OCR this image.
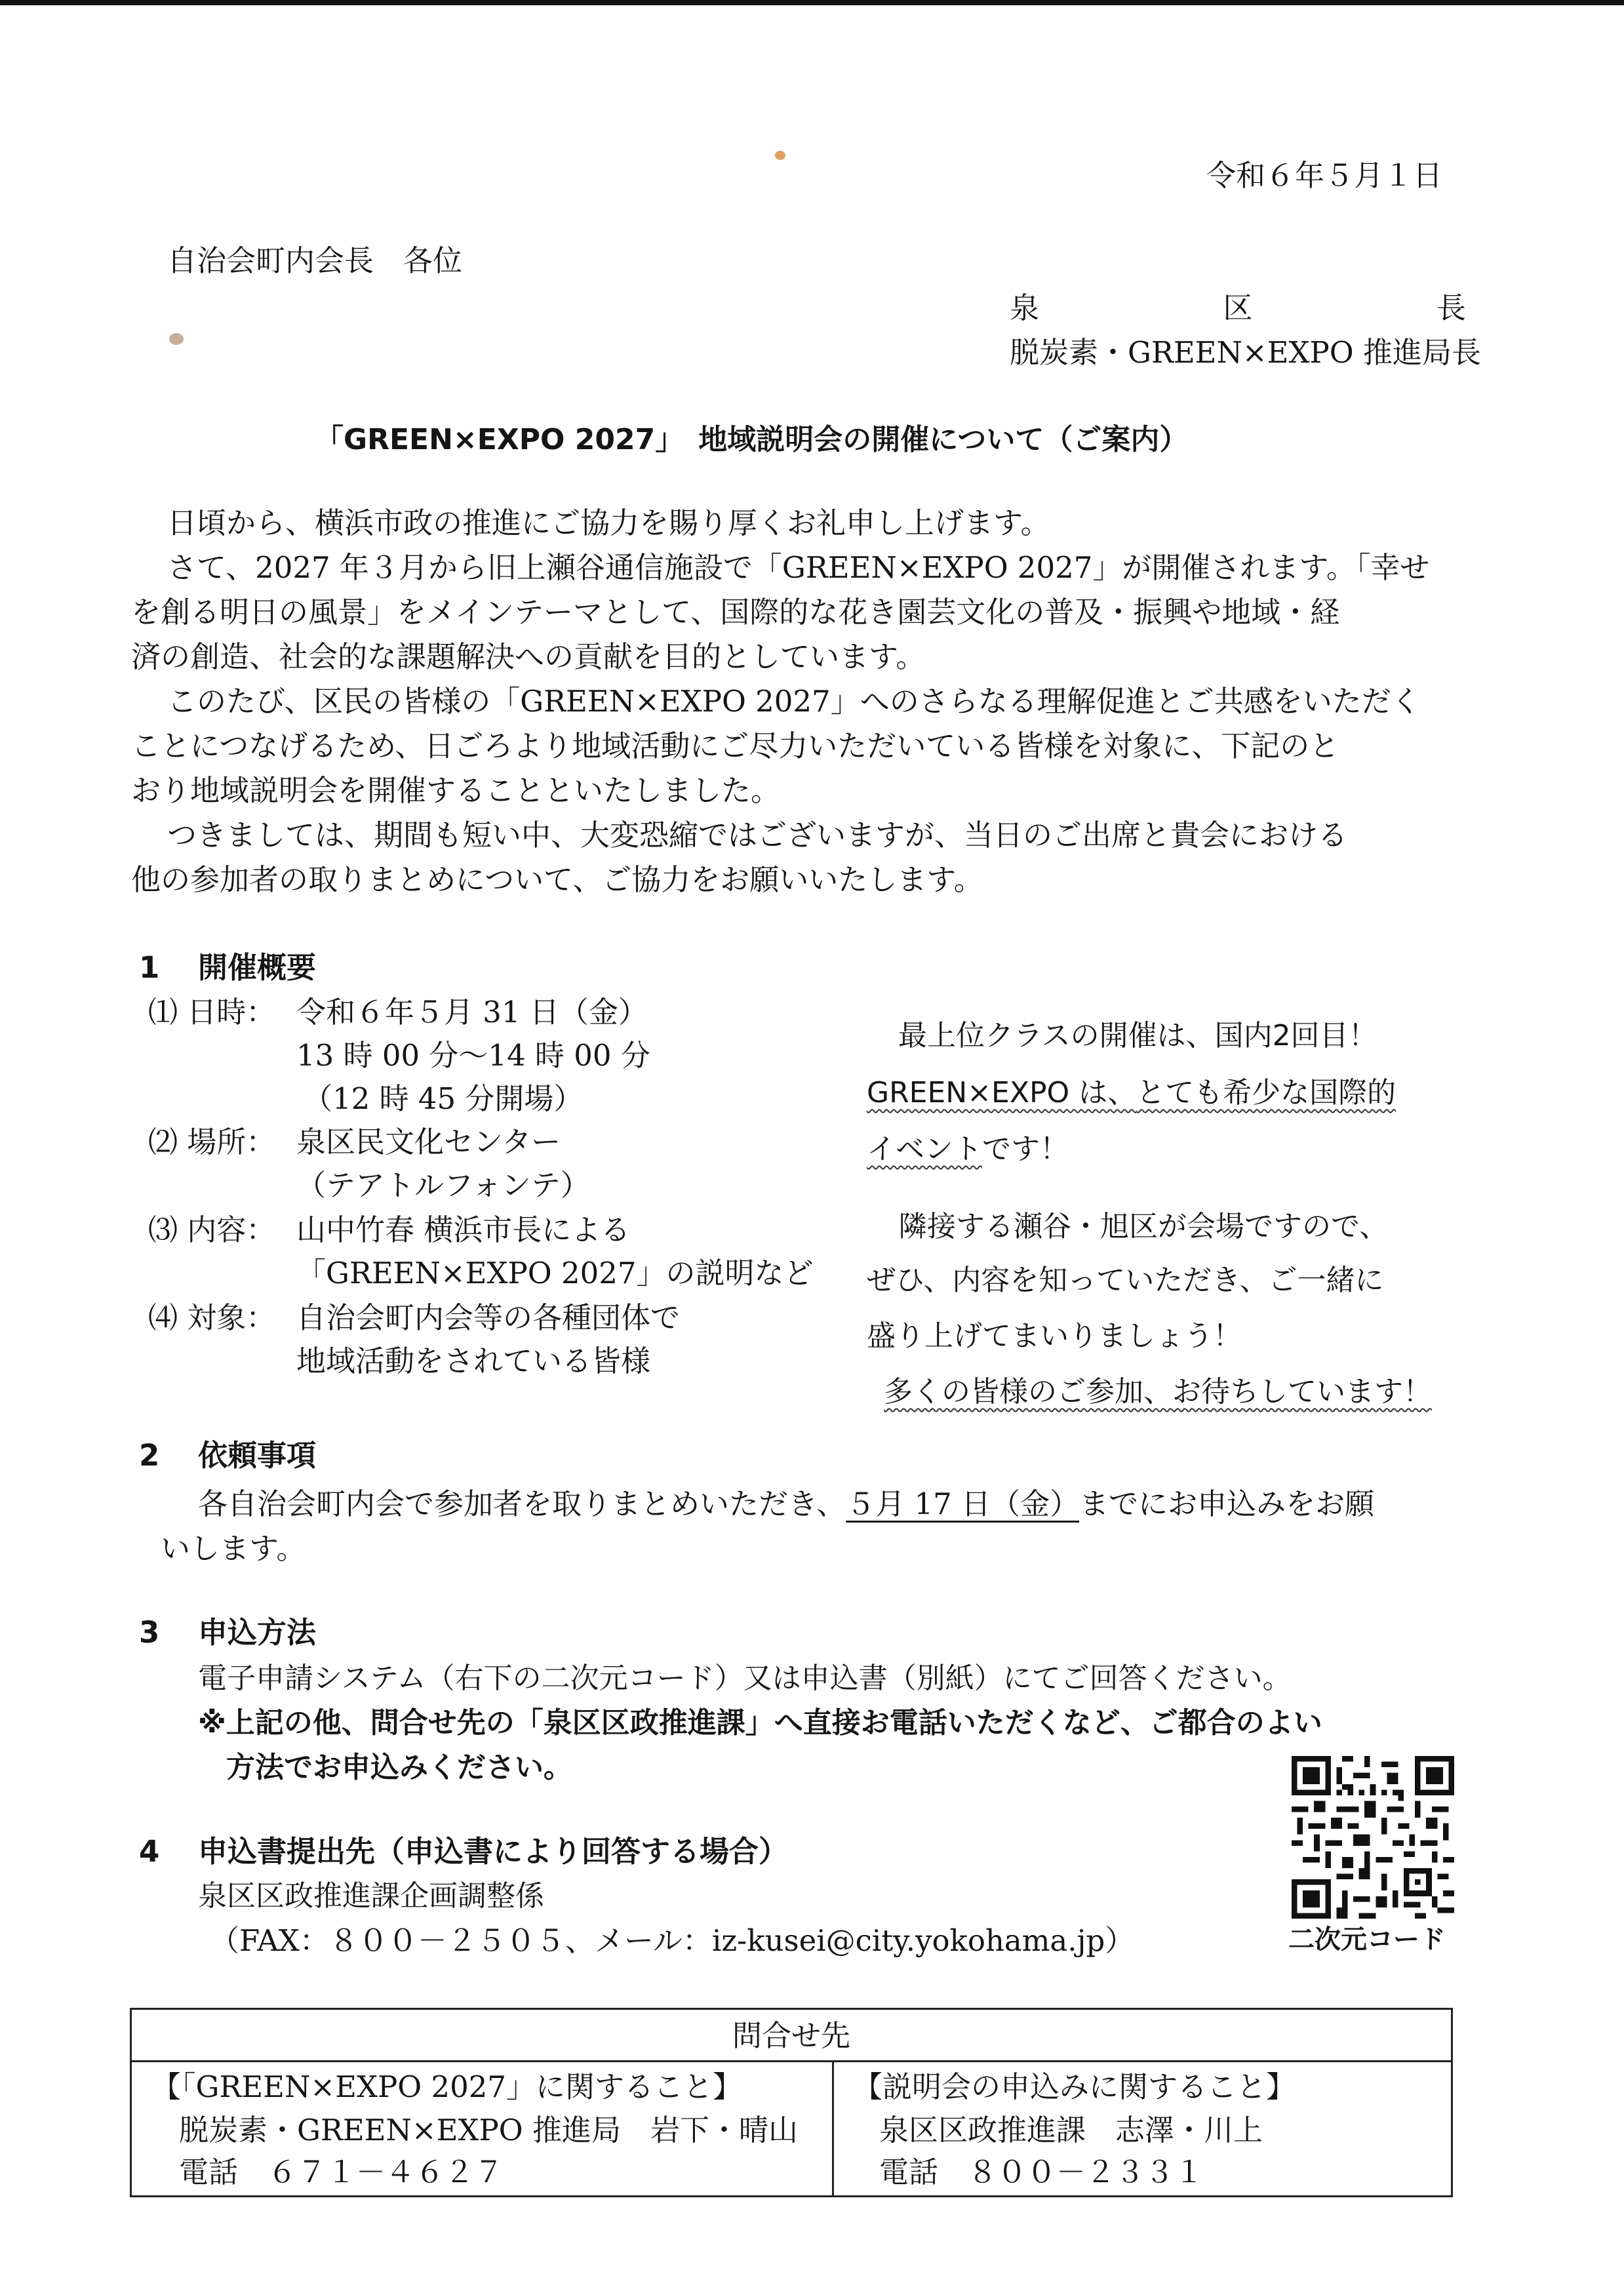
令和６年５月１日
自治会町内会長　各位
泉	区	長
脱炭素・GREEN×EXPO 推進局長
「GREEN×EXPO 2027」　地域説明会の開催について（ご案内）
日頃から、横浜市政の推進にご協力を賜り厚くお礼申し上げます。
さて、2027 年３月から旧上瀬谷通信施設で「GREEN×EXPO 2027」が開催されます。「幸せ
を創る明日の風景」をメインテーマとして、国際的な花き園芸文化の普及・振興や地域・経
済の創造、社会的な課題解決への貢献を目的としています。
このたび、区民の皆様の「GREEN×EXPO 2027」へのさらなる理解促進とご共感をいただく
ことにつなげるため、日ごろより地域活動にご尽力いただいている皆様を対象に、下記のと
おり地域説明会を開催することといたしました。
つきましては、期間も短い中、大変恐縮ではございますが、当日のご出席と貴会における
他の参加者の取りまとめについて、ご協力をお願いいたします。
1 開催概要
⑴ 日時： 令和６年５月 31 日（金）
13 時 00 分～14 時 00 分
（12 時 45 分開場）
⑵ 場所： 泉区民文化センター
（テアトルフォンテ）
⑶ 内容： 山中竹春 横浜市長による
「GREEN×EXPO 2027」の説明など
⑷ 対象： 自治会町内会等の各種団体で
地域活動をされている皆様
最上位クラスの開催は、国内2回目！
GREEN×EXPO は、とても希少な国際的
イベントです！
隣接する瀬谷・旭区が会場ですので、
ぜひ、内容を知っていただき、ご一緒に
盛り上げてまいりましょう！
多くの皆様のご参加、お待ちしています！
2 依頼事項
各自治会町内会で参加者を取りまとめいただき、５月 17 日（金）までにお申込みをお願
いします。
3 申込方法
電子申請システム（右下の二次元コード）又は申込書（別紙）にてご回答ください。
※上記の他、問合せ先の「泉区区政推進課」へ直接お電話いただくなど、ご都合のよい
方法でお申込みください。
二次元コード
4 申込書提出先（申込書により回答する場合）
泉区区政推進課企画調整係
（FAX：８００－２５０５、メール：iz-kusei@city.yokohama.jp）
問合せ先
【「GREEN×EXPO 2027」に関すること】
脱炭素・GREEN×EXPO 推進局　岩下・晴山
電話　６７１－４６２７
【説明会の申込みに関すること】
泉区区政推進課　志澤・川上
電話　８００－２３３１
